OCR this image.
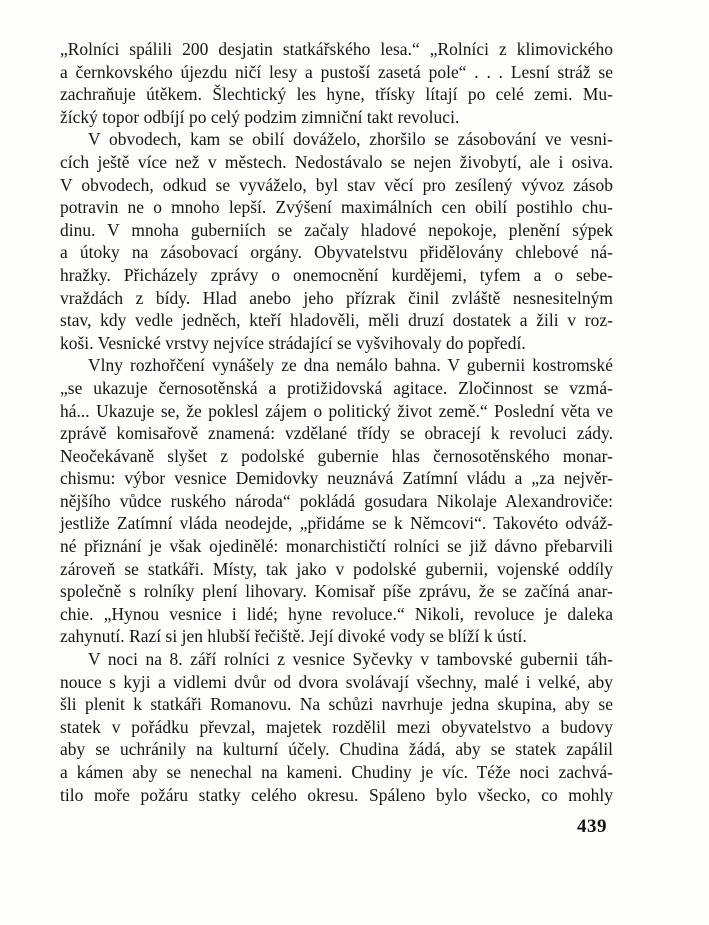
„Rolníci spálili 200 desjatin statkářského lesa.“ „Rolníci z klimovického
a černkovského újezdu ničí lesy a pustoší zasetá pole“ . . . Lesní stráž se
zachraňuje útěkem. Šlechtický les hyne, třísky lítají po celé zemi. Mu-
žícký topor odbíjí po celý podzim zimniční takt revoluci.
V obvodech, kam se obilí dováželo, zhoršilo se zásobování ve vesni-
cích ještě více než v městech. Nedostávalo se nejen živobytí, ale i osiva.
V obvodech, odkud se vyváželo, byl stav věcí pro zesílený vývoz zásob
potravin ne o mnoho lepší. Zvýšení maximálních cen obilí postihlo chu-
dinu. V mnoha guberniích se začaly hladové nepokoje, plenění sýpek
a útoky na zásobovací orgány. Obyvatelstvu přidělovány chlebové ná-
hražky. Přicházely zprávy o onemocnění kurdějemi, tyfem a o sebe-
vraždách z bídy. Hlad anebo jeho přízrak činil zvláště nesnesitelným
stav, kdy vedle jedněch, kteří hladověli, měli druzí dostatek a žili v roz-
koši. Vesnické vrstvy nejvíce strádající se vyšvihovaly do popředí.
Vlny rozhořčení vynášely ze dna nemálo bahna. V gubernii kostromské
„se ukazuje černosotěnská a protižidovská agitace. Zločinnost se vzmá-
há... Ukazuje se, že poklesl zájem o politický život země.“ Poslední věta ve
zprávě komisařově znamená: vzdělané třídy se obracejí k revoluci zády.
Neočekávaně slyšet z podolské gubernie hlas černosotěnského monar-
chismu: výbor vesnice Demidovky neuznává Zatímní vládu a „za nejvěr-
nějšího vůdce ruského národa“ pokládá gosudara Nikolaje Alexandroviče:
jestliže Zatímní vláda neodejde, „přidáme se k Němcovi“. Takovéto odváž-
né přiznání je však ojedinělé: monarchističtí rolníci se již dávno přebarvili
zároveň se statkáři. Místy, tak jako v podolské gubernii, vojenské oddíly
společně s rolníky plení lihovary. Komisař píše zprávu, že se začíná anar-
chie. „Hynou vesnice i lidé; hyne revoluce.“ Nikoli, revoluce je daleka
zahynutí. Razí si jen hlubší řečiště. Její divoké vody se blíží k ústí.
V noci na 8. září rolníci z vesnice Syčevky v tambovské gubernii táh-
nouce s kyji a vidlemi dvůr od dvora svolávají všechny, malé i velké, aby
šli plenit k statkáři Romanovu. Na schůzi navrhuje jedna skupina, aby se
statek v pořádku převzal, majetek rozdělil mezi obyvatelstvo a budovy
aby se uchránily na kulturní účely. Chudina žádá, aby se statek zapálil
a kámen aby se nenechal na kameni. Chudiny je víc. Téže noci zachvá-
tilo moře požáru statky celého okresu. Spáleno bylo všecko, co mohly
439
